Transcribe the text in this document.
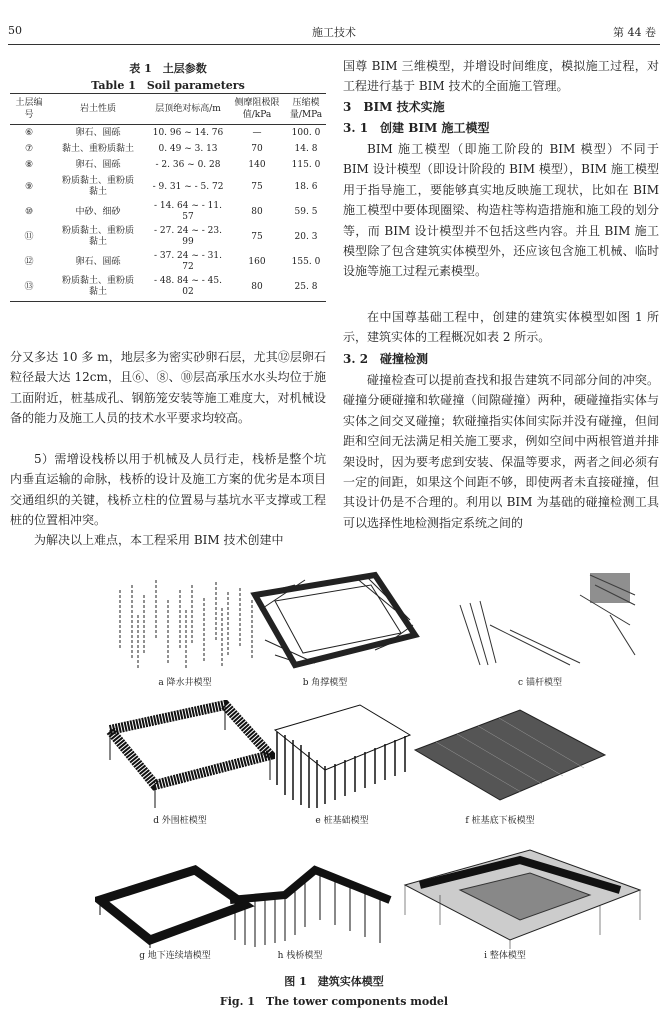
50	施工技术	第 44 卷
表 1　土层参数
Table 1　Soil parameters
土层编号	岩土性质	层顶绝对标高/m	侧摩阻极限值/kPa	压缩模量/MPa
⑥	卵石、圆砾	10. 96 ~ 14. 76	—	100. 0
⑦	黏土、重粉质黏土	0. 49 ~ 3. 13	70	14. 8
⑧	卵石、圆砾	- 2. 36 ~ 0. 28	140	115. 0
⑨	粉质黏土、重粉质黏土	- 9. 31 ~ - 5. 72	75	18. 6
⑩	中砂、细砂	- 14. 64 ~ - 11. 57	80	59. 5
⑪	粉质黏土、重粉质黏土	- 27. 24 ~ - 23. 99	75	20. 3
⑫	卵石、圆砾	- 37. 24 ~ - 31. 72	160	155. 0
⑬	粉质黏土、重粉质黏土	- 48. 84 ~ - 45. 02	80	25. 8

分又多达 10 多 m，地层多为密实砂卵石层，尤其⑫层卵石粒径最大达 12cm，且⑥、⑧、⑩层高承压水水头均位于施工面附近，桩基成孔、钢筋笼安装等施工难度大，对机械设备的能力及施工人员的技术水平要求均较高。

5）需增设栈桥以用于机械及人员行走，栈桥是整个坑内垂直运输的命脉，栈桥的设计及施工方案的优劣是本项目交通组织的关键，栈桥立柱的位置易与基坑水平支撑或工程桩的位置相冲突。

为解决以上难点，本工程采用 BIM 技术创建中

国尊 BIM 三维模型，并增设时间维度，模拟施工过程，对工程进行基于 BIM 技术的全面施工管理。

3　BIM 技术实施
3. 1　创建 BIM 施工模型

BIM 施工模型（即施工阶段的 BIM 模型）不同于 BIM 设计模型（即设计阶段的 BIM 模型），BIM 施工模型用于指导施工，要能够真实地反映施工现状，比如在 BIM 施工模型中要体现圈梁、构造柱等构造措施和施工段的划分等，而 BIM 设计模型并不包括这些内容。并且 BIM 施工模型除了包含建筑实体模型外，还应该包含施工机械、临时设施等施工过程元素模型。

在中国尊基础工程中，创建的建筑实体模型如图 1 所示，建筑实体的工程概况如表 2 所示。

3. 2　碰撞检测

碰撞检查可以提前查找和报告建筑不同部分间的冲突。碰撞分硬碰撞和软碰撞（间隙碰撞）两种，硬碰撞指实体与实体之间交叉碰撞；软碰撞指实体间实际并没有碰撞，但间距和空间无法满足相关施工要求，例如空间中两根管道并排架设时，因为要考虑到安装、保温等要求，两者之间必须有一定的间距，如果这个间距不够，即使两者未直接碰撞，但其设计仍是不合理的。利用以 BIM 为基础的碰撞检测工具可以选择性地检测指定系统之间的

a 降水井模型	b 角撑模型	c 锚杆模型
d 外围桩模型	e 桩基础模型	f 桩基底下板模型
g 地下连续墙模型	h 栈桥模型	i 整体模型
图 1　建筑实体模型
Fig. 1　The tower components model
